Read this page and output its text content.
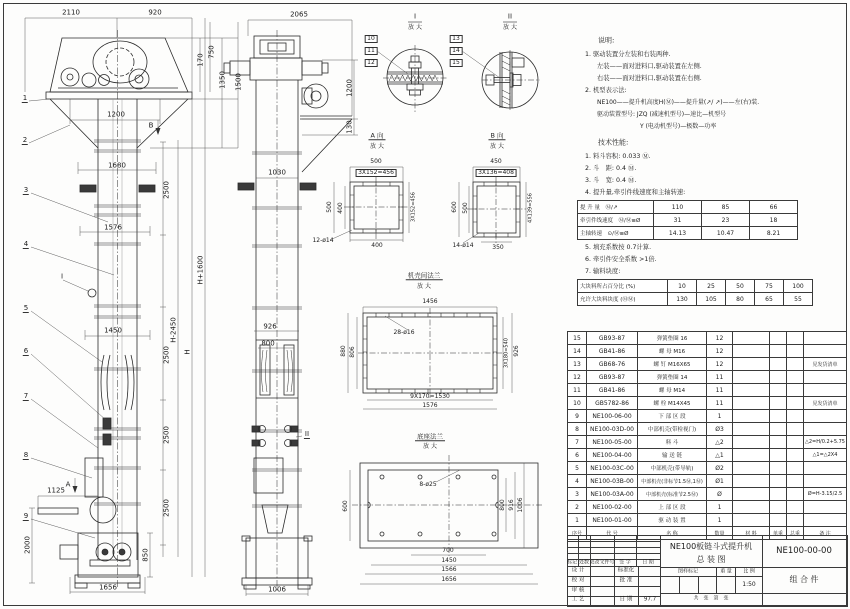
2110	920
170
750
1350 1500
1200
1680
1576
1450
2500
2500
2500
2500
H-2450
H
H+1600
1125
2000
850
1656
1
2
3
4
5
6
7
8
9
A
B
I
2065
1200
130
1030
926
800
1006
II
I
放 大
10
11
12
II
放 大
13
14
15
A 向
放 大
500
3X152=456
500 400	3X152=456
400
12-ø14
B 向
放 大
450
3X136=408
600 500	4X139=556
350
14-ø14
机壳间法兰
放 大
1456
28-ø16
880 806	3X180=540 926
9X170=1530
1576
底座法兰
放 大
8-ø25
600	800 916 1006
700
1450
1566
1656
说明:
1. 驱动装置分左装和右装两种.
左装——面对进料口,驱动装置在左侧.
右装——面对进料口,驱动装置在右侧.
2. 机型表示法:
NE100——提升机高度H(Ⓜ)——提升量(↗/ ↗)——左(右)装.
驱动装置型号: JZQ (减速机型号)—速比—机型号
Y (电动机型号)—极数—功率
技术性能:
1. 料斗容积: 0.033 Ⓜ.
2. 斗　距: 0.4 Ⓜ.
3. 斗　宽: 0.4 Ⓜ.
4. 提升量,牵引件线速度和主轴转速:
提 升 量　Ⓜ/↗	110	85	66
牵引件线速度　Ⓜ/Ⓜ≡Ø	31	23	18
主轴转速　⊙/Ⓜ≡Ø	14.13	10.47	8.21
5. 填充系数按 0.7计算.
6. 牵引件安全系数 >1倍.
7. 输料块度:
大块料所占百分比 (%)	10	25	50	75	100
允许大块料块度 (ⓂⓂ)	130	105	80	65	55
15	GB93-87	弹簧垫圈 16	12				
14	GB41-86	螺 母 M16	12				
13	GB68-76	螺 钉 M16X65	12				见发货清单
12	GB93-87	弹簧垫圈 14	11				
11	GB41-86	螺 母 M14	11				
10	GB5782-86	螺 栓 M14X45	11				见发货清单
9	NE100-06-00	下 部 区 段	1				
8	NE100-03D-00	中部机壳(带检视门)	Ø3				
7	NE100-05-00	料 斗	△2				△2=H/0.2+5.75
6	NE100-04-00	输 送 链	△1				△1=△2X4
5	NE100-03C-00	中部机壳(带导轨)	Ø2				
4	NE100-03B-00	中部机壳(非标节1.5Ⓜ,1Ⓜ)	Ø1				
3	NE100-03A-00	中部机壳(标准节2.5Ⓜ)	Ø				Ø=H-3.15/2.5
2	NE100-02-00	上 部 区 段	1				
1	NE100-01-00	驱 动 装 置	1				
序号	代 号	名 称	数量	材 料	单重	总重	备 注
标记 处数 更改文件号 签 字 日 期
设 计	标准化
校 对	批 准
审 核
工 艺	日 期 97.7
NE100板链斗式提升机
总 装 图
图样标记	重 量 比 例
1:50
共　张　第　张
NE100-00-00
组 合 件
